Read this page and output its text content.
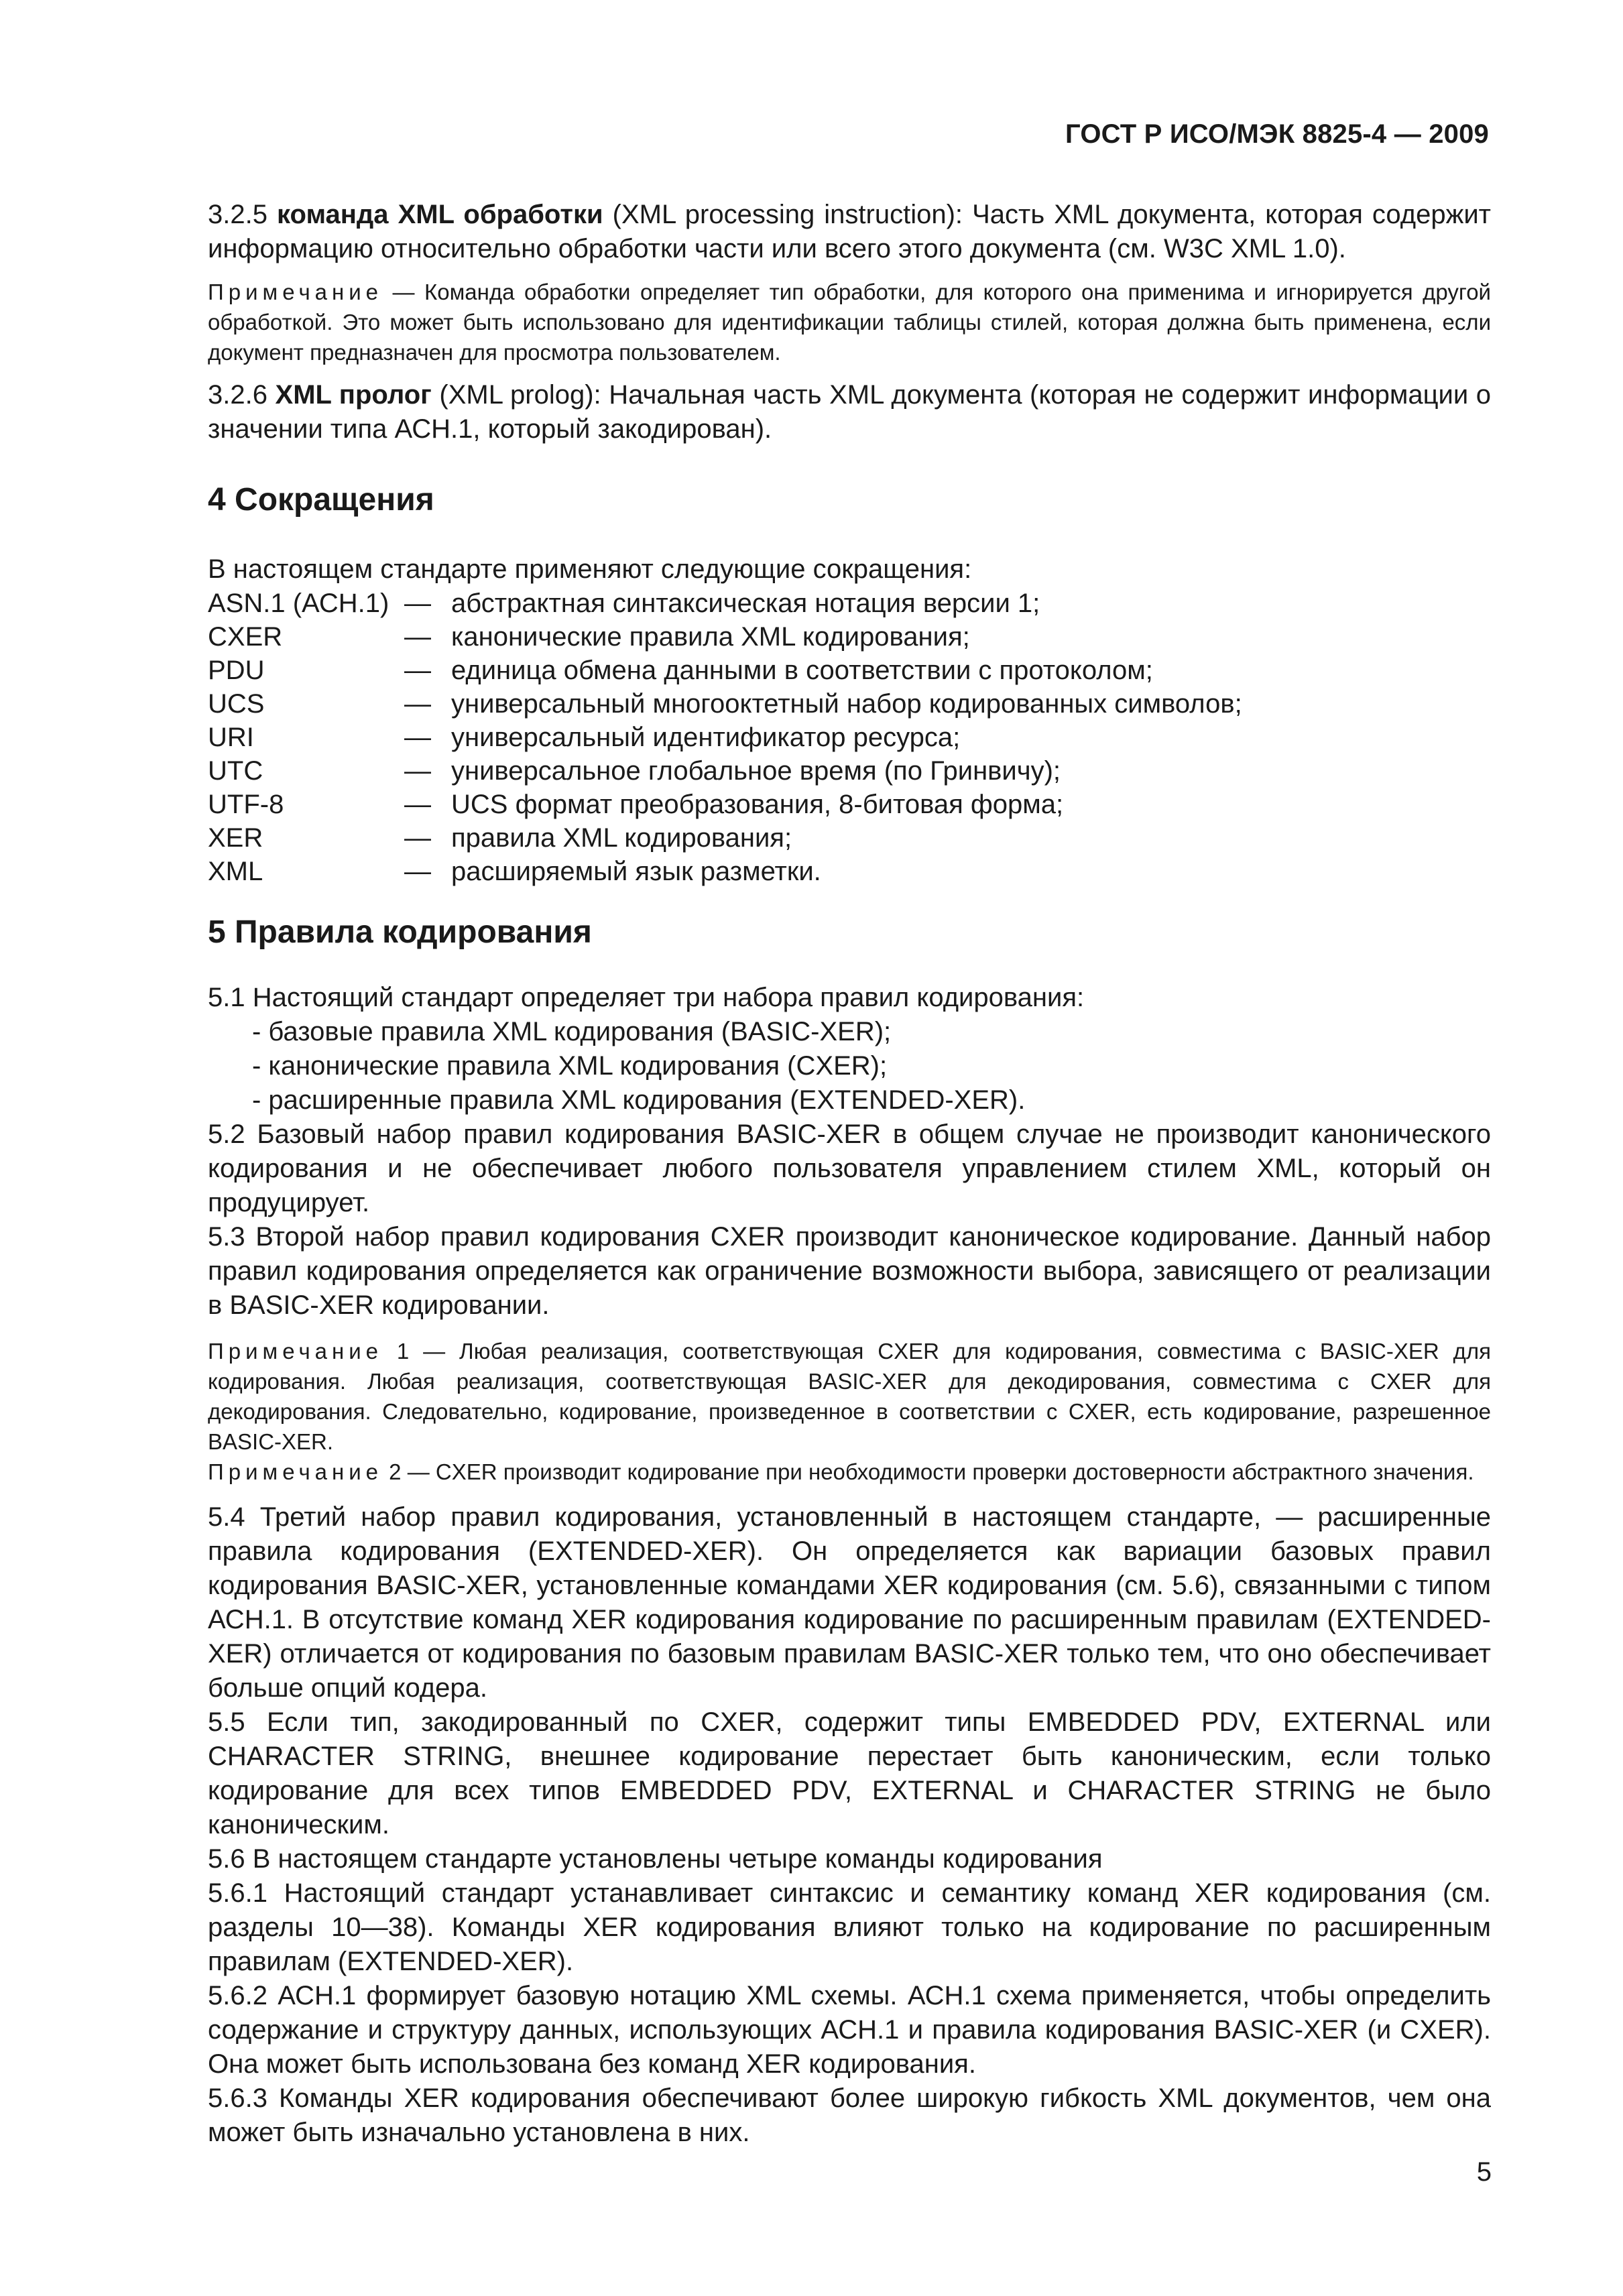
ГОСТ Р ИСО/МЭК 8825-4 — 2009

3.2.5 команда XML обработки (XML processing instruction): Часть XML документа, которая содержит информацию относительно обработки части или всего этого документа (см. W3C XML 1.0).

Примечание — Команда обработки определяет тип обработки, для которого она применима и игнорируется другой обработкой. Это может быть использовано для идентификации таблицы стилей, которая должна быть применена, если документ предназначен для просмотра пользователем.

3.2.6 XML пролог (XML prolog): Начальная часть XML документа (которая не содержит информации о значении типа АСН.1, который закодирован).

4 Сокращения

В настоящем стандарте применяют следующие сокращения:

ASN.1 (АСН.1)	—	абстрактная синтаксическая нотация версии 1;
CXER	—	канонические правила XML кодирования;
PDU	—	единица обмена данными в соответствии с протоколом;
UCS	—	универсальный многооктетный набор кодированных символов;
URI	—	универсальный идентификатор ресурса;
UTC	—	универсальное глобальное время (по Гринвичу);
UTF-8	—	UCS формат преобразования, 8-битовая форма;
XER	—	правила XML кодирования;
XML	—	расширяемый язык разметки.
5 Правила кодирования

5.1 Настоящий стандарт определяет три набора правил кодирования:

- базовые правила XML кодирования (BASIC-XER);

- канонические правила XML кодирования (CXER);

- расширенные правила XML кодирования (EXTENDED-XER).

5.2 Базовый набор правил кодирования BASIC-XER в общем случае не производит канонического кодирования и не обеспечивает любого пользователя управлением стилем XML, который он продуцирует.

5.3 Второй набор правил кодирования CXER производит каноническое кодирование. Данный набор правил кодирования определяется как ограничение возможности выбора, зависящего от реализации в BASIC-XER кодировании.

Примечание 1 — Любая реализация, соответствующая CXER для кодирования, совместима с BASIC-XER для кодирования. Любая реализация, соответствующая BASIC-XER для декодирования, совместима с CXER для декодирования. Следовательно, кодирование, произведенное в соответствии с CXER, есть кодирование, разрешенное BASIC-XER.

Примечание 2 — CXER производит кодирование при необходимости проверки достоверности абстрактного значения.

5.4 Третий набор правил кодирования, установленный в настоящем стандарте, — расширенные правила кодирования (EXTENDED-XER). Он определяется как вариации базовых правил кодирования BASIC-XER, установленные командами XER кодирования (см. 5.6), связанными с типом АСН.1. В отсутствие команд XER кодирования кодирование по расширенным правилам (EXTENDED-XER) отличается от кодирования по базовым правилам BASIC-XER только тем, что оно обеспечивает больше опций кодера.

5.5 Если тип, закодированный по CXER, содержит типы EMBEDDED PDV, EXTERNAL или CHARACTER STRING, внешнее кодирование перестает быть каноническим, если только кодирование для всех типов EMBEDDED PDV, EXTERNAL и CHARACTER STRING не было каноническим.

5.6 В настоящем стандарте установлены четыре команды кодирования

5.6.1 Настоящий стандарт устанавливает синтаксис и семантику команд XER кодирования (см. разделы 10—38). Команды XER кодирования влияют только на кодирование по расширенным правилам (EXTENDED-XER).

5.6.2 АСН.1 формирует базовую нотацию XML схемы. АСН.1 схема применяется, чтобы определить содержание и структуру данных, использующих АСН.1 и правила кодирования BASIC-XER (и CXER). Она может быть использована без команд XER кодирования.

5.6.3 Команды XER кодирования обеспечивают более широкую гибкость XML документов, чем она может быть изначально установлена в них.

5
